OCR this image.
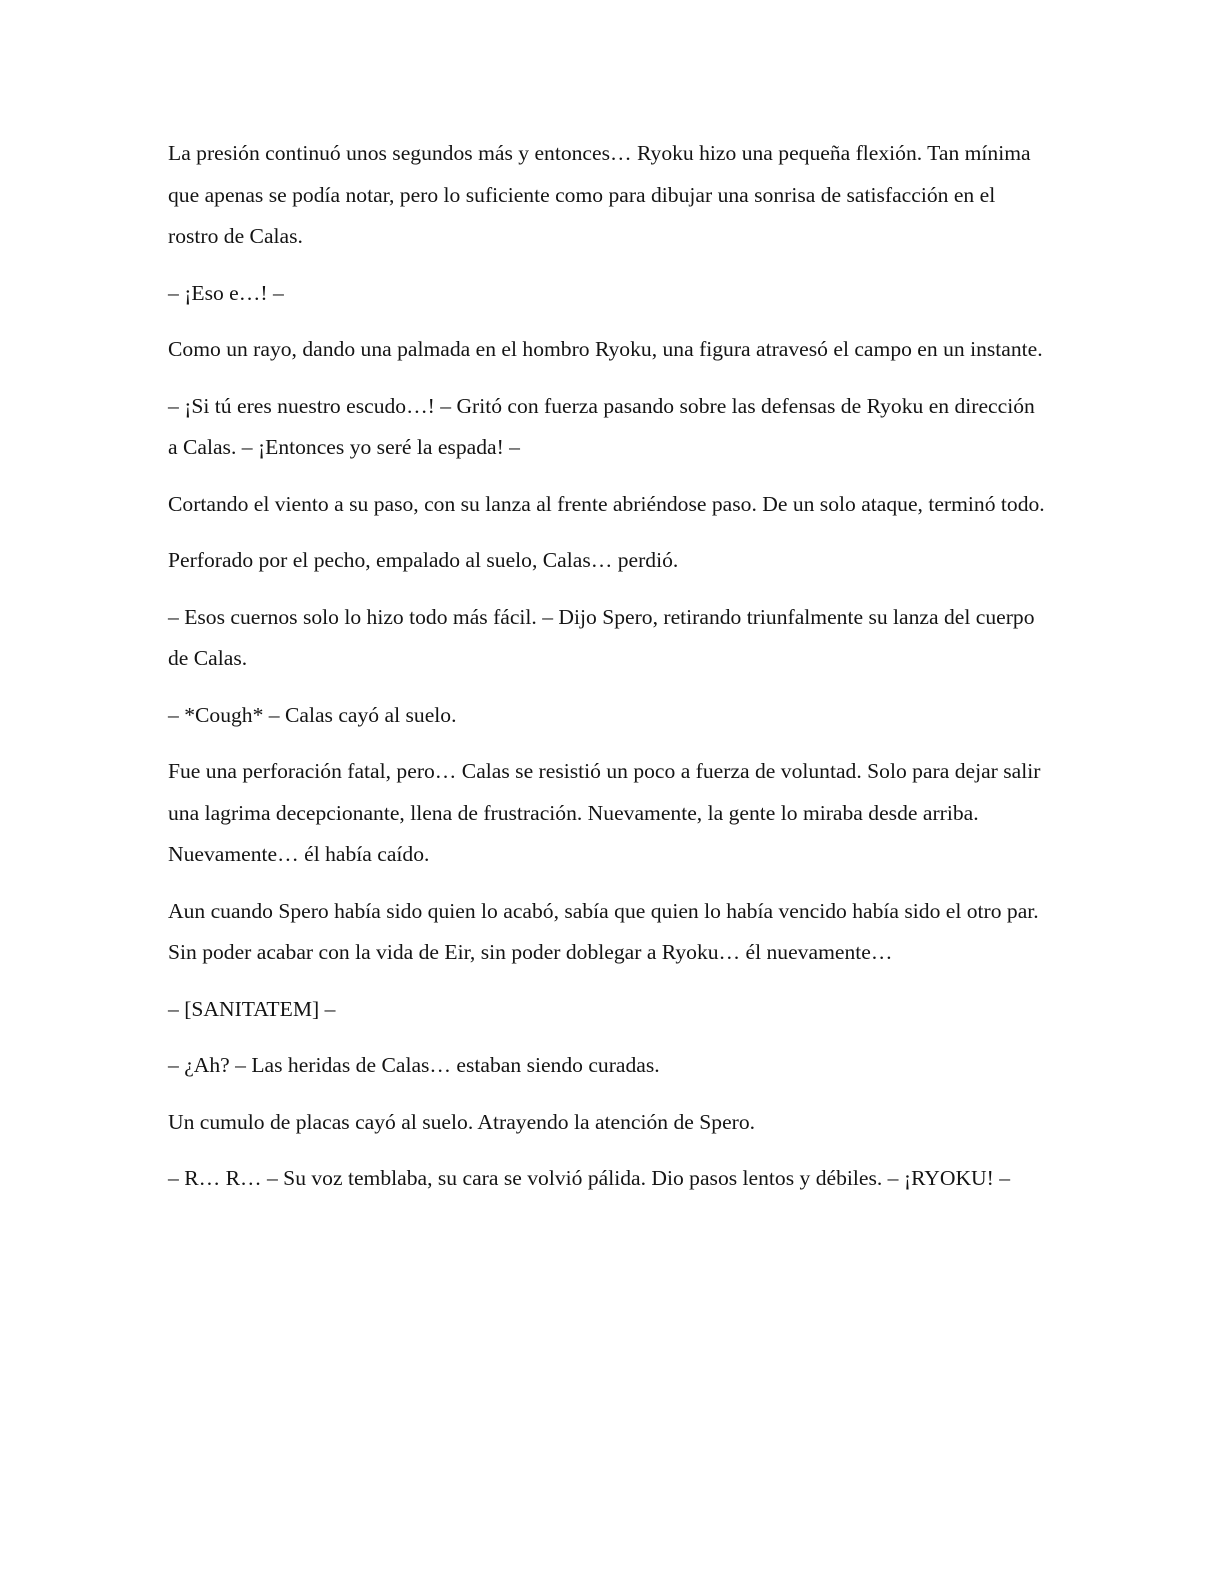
La presión continuó unos segundos más y entonces… Ryoku hizo una pequeña flexión. Tan mínima que apenas se podía notar, pero lo suficiente como para dibujar una sonrisa de satisfacción en el rostro de Calas.

– ¡Eso e…! –

Como un rayo, dando una palmada en el hombro Ryoku, una figura atravesó el campo en un instante.

– ¡Si tú eres nuestro escudo…! – Gritó con fuerza pasando sobre las defensas de Ryoku en dirección a Calas. – ¡Entonces yo seré la espada! –

Cortando el viento a su paso, con su lanza al frente abriéndose paso. De un solo ataque, terminó todo.

Perforado por el pecho, empalado al suelo, Calas… perdió.

– Esos cuernos solo lo hizo todo más fácil. – Dijo Spero, retirando triunfalmente su lanza del cuerpo de Calas.

– *Cough* – Calas cayó al suelo.

Fue una perforación fatal, pero… Calas se resistió un poco a fuerza de voluntad. Solo para dejar salir una lagrima decepcionante, llena de frustración. Nuevamente, la gente lo miraba desde arriba. Nuevamente… él había caído.

Aun cuando Spero había sido quien lo acabó, sabía que quien lo había vencido había sido el otro par. Sin poder acabar con la vida de Eir, sin poder doblegar a Ryoku… él nuevamente…

– [SANITATEM] –

– ¿Ah? – Las heridas de Calas… estaban siendo curadas.

Un cumulo de placas cayó al suelo. Atrayendo la atención de Spero.

– R… R… – Su voz temblaba, su cara se volvió pálida. Dio pasos lentos y débiles. – ¡RYOKU! –
